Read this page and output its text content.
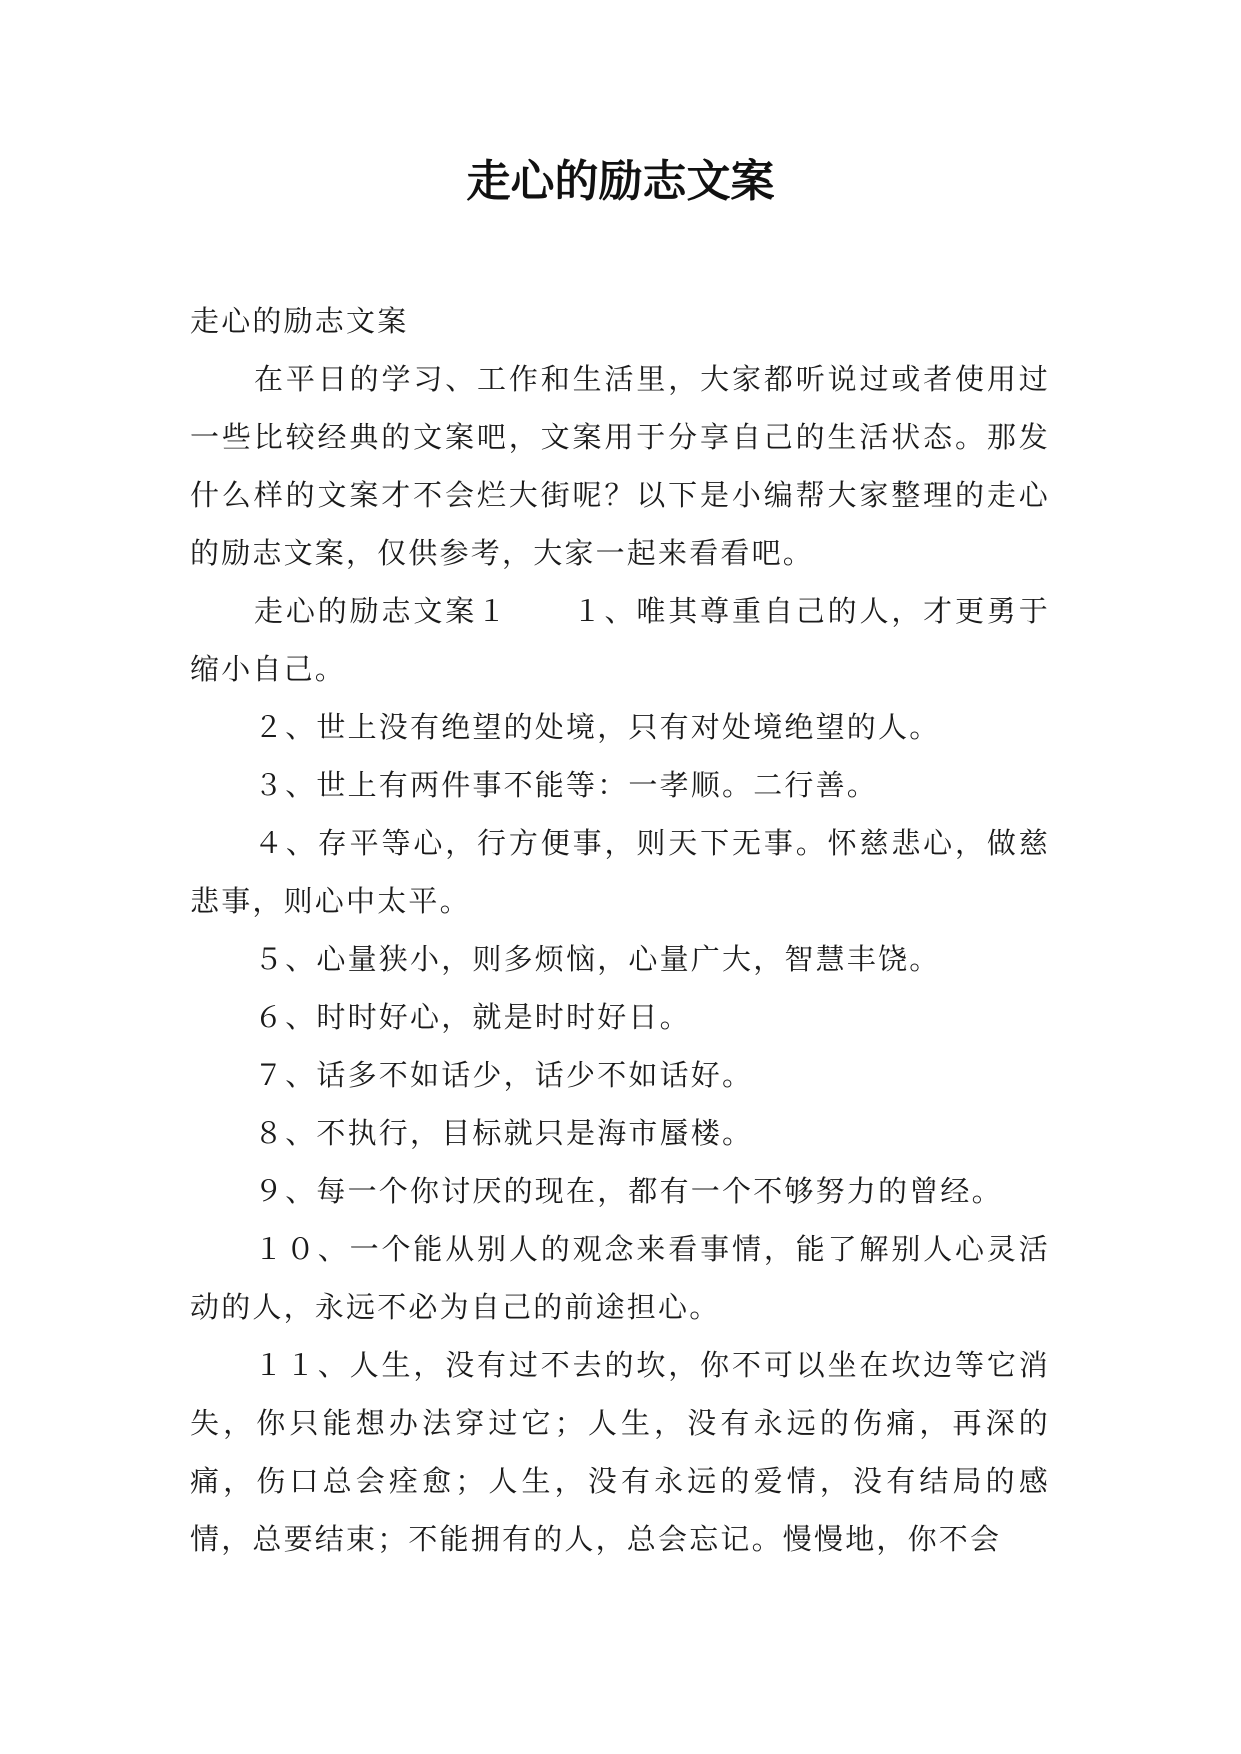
走心的励志文案

走心的励志文案

在平日的学习、工作和生活里，大家都听说过或者使用过一些比较经典的文案吧，文案用于分享自己的生活状态。那发什么样的文案才不会烂大街呢？以下是小编帮大家整理的走心的励志文案，仅供参考，大家一起来看看吧。

走心的励志文案１　　１、唯其尊重自己的人，才更勇于缩小自己。

２、世上没有绝望的处境，只有对处境绝望的人。

３、世上有两件事不能等：一孝顺。二行善。

４、存平等心，行方便事，则天下无事。怀慈悲心，做慈悲事，则心中太平。

５、心量狭小，则多烦恼，心量广大，智慧丰饶。

６、时时好心，就是时时好日。

７、话多不如话少，话少不如话好。

８、不执行，目标就只是海市蜃楼。

９、每一个你讨厌的现在，都有一个不够努力的曾经。

１０、一个能从别人的观念来看事情，能了解别人心灵活动的人，永远不必为自己的前途担心。

１１、人生，没有过不去的坎，你不可以坐在坎边等它消失，你只能想办法穿过它；人生，没有永远的伤痛，再深的痛，伤口总会痊愈；人生，没有永远的爱情，没有结局的感情，总要结束；不能拥有的人，总会忘记。慢慢地，你不会
